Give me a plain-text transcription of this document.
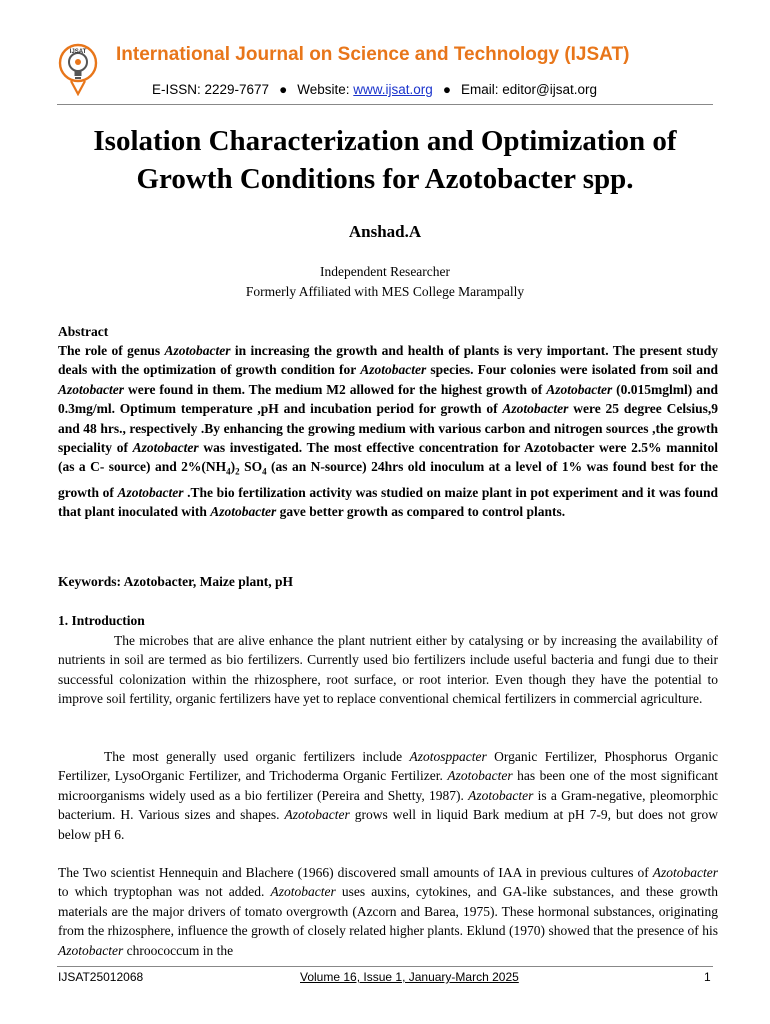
IJSAT International Journal on Science and Technology (IJSAT)
E-ISSN: 2229-7677 ● Website: www.ijsat.org ● Email: editor@ijsat.org
Isolation Characterization and Optimization of
Growth Conditions for Azotobacter spp.
Anshad.A
Independent Researcher
Formerly Affiliated with MES College Marampally
Abstract
The role of genus Azotobacter in increasing the growth and health of plants is very important. The present study deals with the optimization of growth condition for Azotobacter species. Four colonies were isolated from soil and Azotobacter were found in them. The medium M2 allowed for the highest growth of Azotobacter (0.015mglml) and 0.3mg/ml. Optimum temperature ,pH and incubation period for growth of Azotobacter were 25 degree Celsius,9 and 48 hrs., respectively .By enhancing the growing medium with various carbon and nitrogen sources ,the growth speciality of Azotobacter was investigated. The most effective concentration for Azotobacter were 2.5% mannitol (as a C- source) and $2\%(NH_4)_2$ $SO_4$ (as an N-source) 24hrs old inoculum at a level of 1% was found best for the growth of Azotobacter .The bio fertilization activity was studied on maize plant in pot experiment and it was found that plant inoculated with Azotobacter gave better growth as compared to control plants.
Keywords: Azotobacter, Maize plant, pH
1. Introduction

The microbes that are alive enhance the plant nutrient either by catalysing or by increasing the availability of nutrients in soil are termed as bio fertilizers. Currently used bio fertilizers include useful bacteria and fungi due to their successful colonization within the rhizosphere, root surface, or root interior. Even though they have the potential to improve soil fertility, organic fertilizers have yet to replace conventional chemical fertilizers in commercial agriculture.

The most generally used organic fertilizers include Azotosppacter Organic Fertilizer, Phosphorus Organic Fertilizer, LysoOrganic Fertilizer, and Trichoderma Organic Fertilizer. Azotobacter has been one of the most significant microorganisms widely used as a bio fertilizer (Pereira and Shetty, 1987). Azotobacter is a Gram-negative, pleomorphic bacterium. H. Various sizes and shapes. Azotobacter grows well in liquid Bark medium at pH 7-9, but does not grow below pH 6.

The Two scientist Hennequin and Blachere (1966) discovered small amounts of IAA in previous cultures of Azotobacter to which tryptophan was not added. Azotobacter uses auxins, cytokines, and GA-like substances, and these growth materials are the major drivers of tomato overgrowth (Azcorn and Barea, 1975). These hormonal substances, originating from the rhizosphere, influence the growth of closely related higher plants. Eklund (1970) showed that the presence of his Azotobacter chroococcum in the

IJSAT25012068	Volume 16, Issue 1, January-March 2025	1
